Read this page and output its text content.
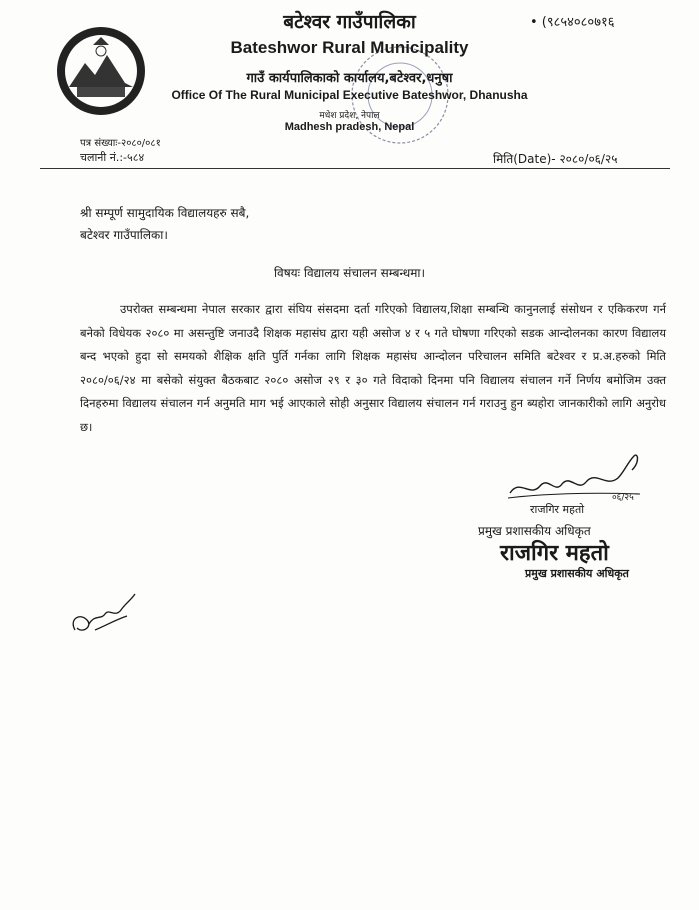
बटेश्वर गाउँपालिका
Bateshwor Rural Municipality
गाउँ कार्यपालिकाको कार्यालय,बटेश्वर,धनुषा
Office Of The Rural Municipal Executive Bateshwor, Dhanusha
मधेश प्रदेश, नेपाल
Madhesh pradesh, Nepal
• (९८५४०८०७१६
पत्र संख्याः-२०८०/०८१
चलानी नं.:-५८४	मिति(Date)- २०८०/०६/२५
श्री सम्पूर्ण सामुदायिक विद्यालयहरु सबै,
बटेश्वर गाउँपालिका।
विषयः विद्यालय संचालन सम्बन्धमा।
उपरोक्त सम्बन्धमा नेपाल सरकार द्वारा संघिय संसदमा दर्ता गरिएको विद्यालय,शिक्षा सम्बन्धि कानुनलाई संसोधन र एकिकरण गर्न बनेको विधेयक २०८० मा असन्तुष्टि जनाउदै शिक्षक महासंघ द्वारा यही असोज ४ र ५ गते घोषणा गरिएको सडक आन्दोलनका कारण विद्यालय बन्द भएको हुदा सो समयको शैक्षिक क्षति पुर्ति गर्नका लागि शिक्षक महासंघ आन्दोलन परिचालन समिति बटेश्वर र प्र.अ.हरुको मिति २०८०/०६/२४ मा बसेको संयुक्त बैठकबाट २०८० असोज २९ र ३० गते विदाको दिनमा पनि विद्यालय संचालन गर्ने निर्णय बमोजिम उक्त दिनहरुमा विद्यालय संचालन गर्न अनुमति माग भई आएकाले सोही अनुसार विद्यालय संचालन गर्न गराउनु हुन ब्यहोरा जानकारीको लागि अनुरोध छ।
०६/२५
राजगिर महतो
प्रमुख प्रशासकीय अधिकृत
राजगिर महतो
प्रमुख प्रशासकीय अधिकृत
